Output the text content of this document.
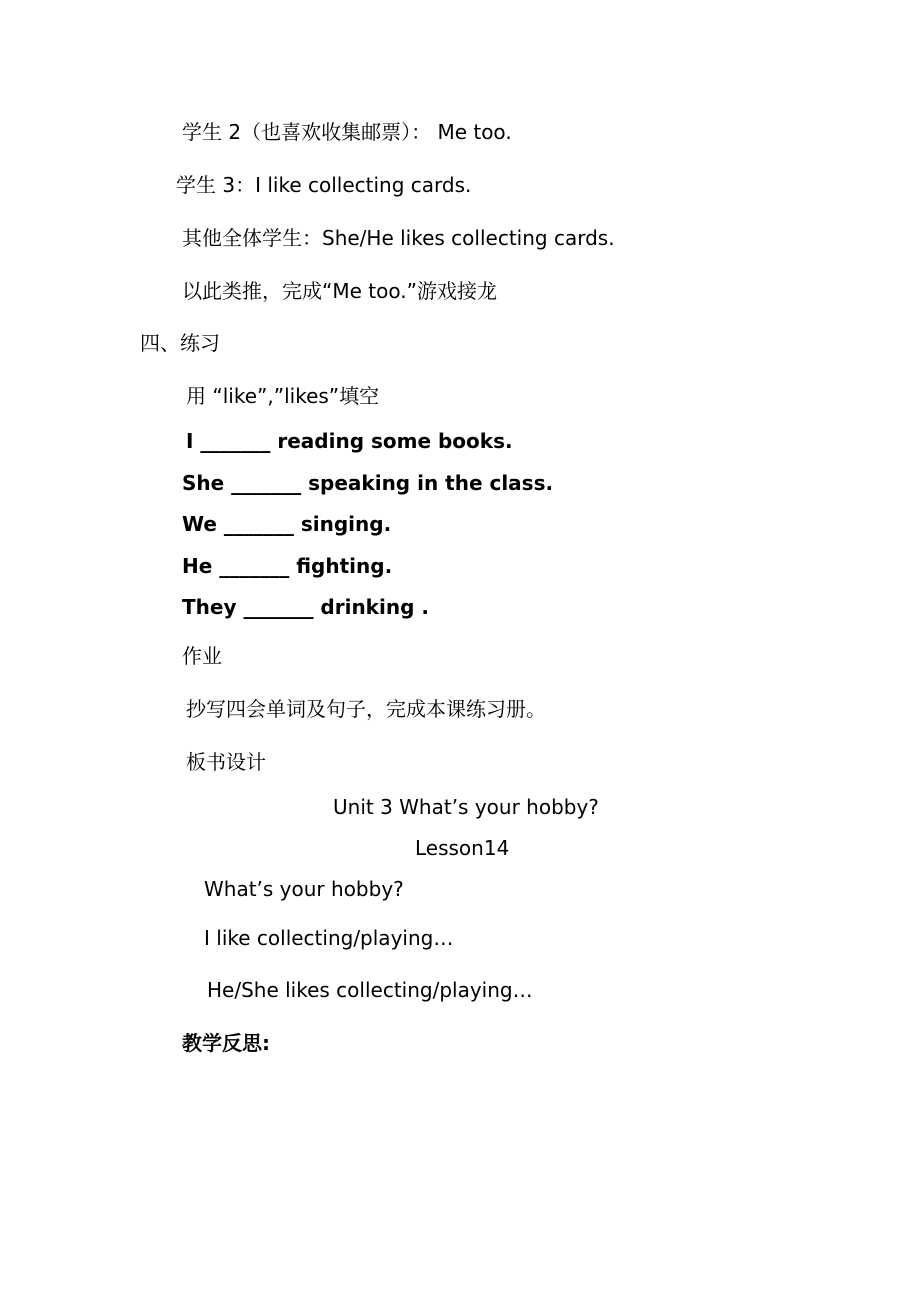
学生 2（也喜欢收集邮票）： Me too.
学生 3：I like collecting cards.
其他全体学生：She/He likes collecting cards.
以此类推，完成“Me too.”游戏接龙
四、练习
用 “like”,”likes”填空
I _______ reading some books.
She _______ speaking in the class.
We _______ singing.
He _______ fighting.
They _______ drinking .
作业
抄写四会单词及句子，完成本课练习册。
板书设计
Unit 3 What’s your hobby?
Lesson14
What’s your hobby?
I like collecting/playing…
He/She likes collecting/playing…
教学反思:
